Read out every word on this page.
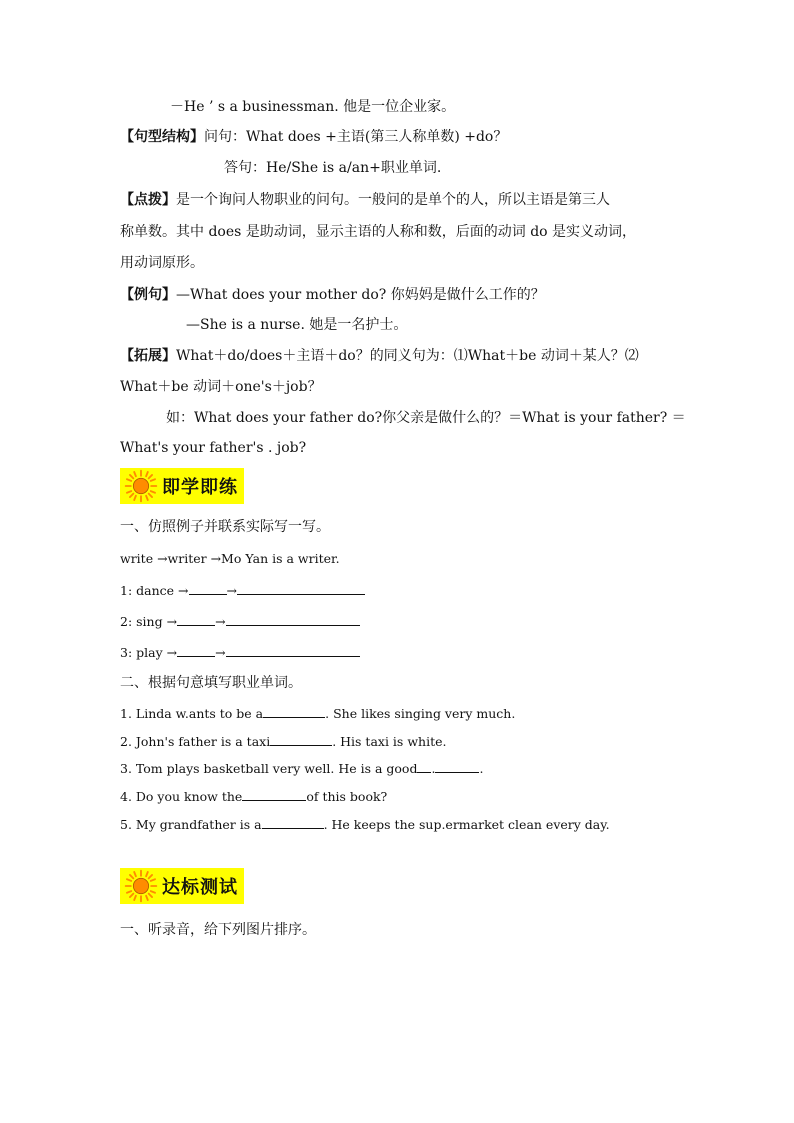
－He ’ s a businessman. 他是一位企业家。
【句型结构】问句：What does +主语(第三人称单数) +do？
答句：He/She is a/an+职业单词.
【点拨】是一个询问人物职业的问句。一般问的是单个的人，所以主语是第三人
称单数。其中 does 是助动词，显示主语的人称和数，后面的动词 do 是实义动词，
用动词原形。
【例句】—What does your mother do? 你妈妈是做什么工作的？
—She is a nurse. 她是一名护士。
【拓展】What＋do/does＋主语＋do？的同义句为：⑴What＋be 动词＋某人？⑵
What＋be 动词＋one's＋job？
如：What does your father do?你父亲是做什么的？＝What is your father? ＝
What's your father's . job?
即学即练
一、仿照例子并联系实际写一写。
write →writer →Mo Yan is a writer.
1: dance →	→
2: sing →	→
3: play →	→
二、根据句意填写职业单词。
1. Linda w.ants to be a	. She likes singing very much.
2. John's father is a taxi	. His taxi is white.
3. Tom plays basketball very well. He is a good .	.
4. Do you know the	of this book?
5. My grandfather is a	. He keeps the sup.ermarket clean every day.
达标测试
一、听录音，给下列图片排序。
